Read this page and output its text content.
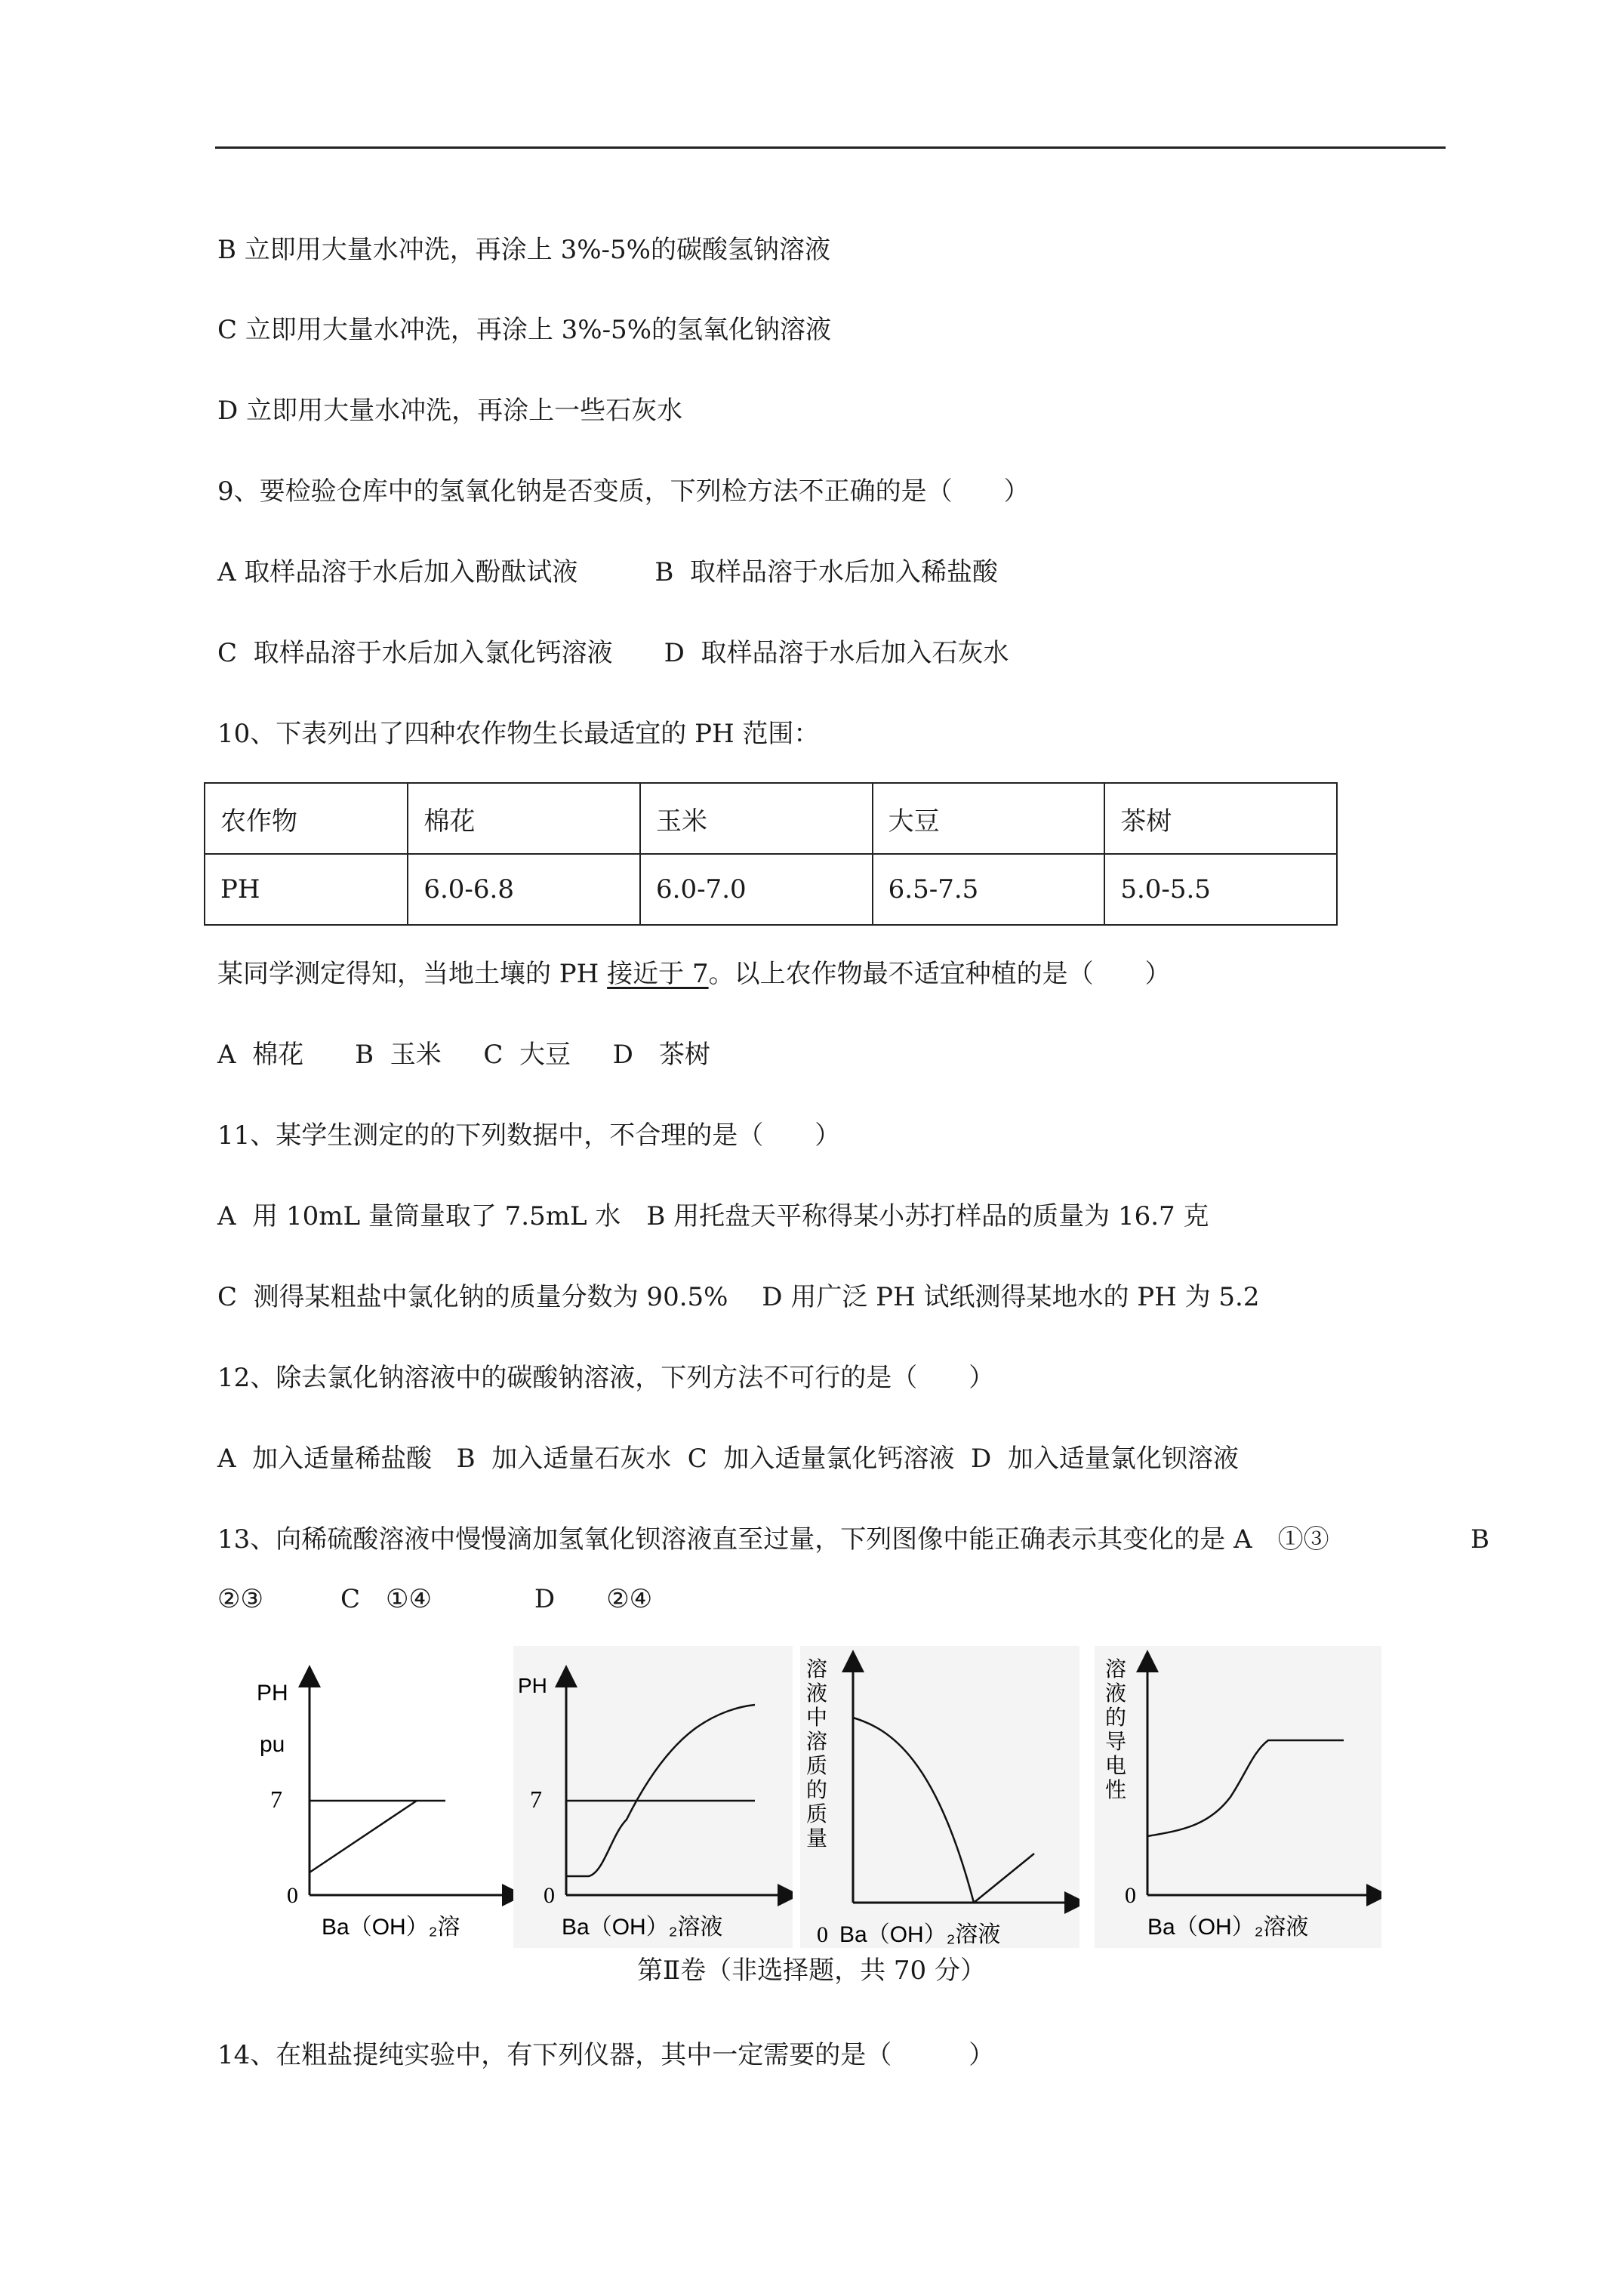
B 立即用大量水冲洗，再涂上 3%-5%的碳酸氢钠溶液
C 立即用大量水冲洗，再涂上 3%-5%的氢氧化钠溶液
D 立即用大量水冲洗，再涂上一些石灰水
9、要检验仓库中的氢氧化钠是否变质，下列检方法不正确的是（　　）
A 取样品溶于水后加入酚酞试液　　　B  取样品溶于水后加入稀盐酸
C  取样品溶于水后加入氯化钙溶液　　D  取样品溶于水后加入石灰水
10、下表列出了四种农作物生长最适宜的 PH 范围：
农作物	棉花	玉米	大豆	茶树
PH	6.0-6.8	6.0-7.0	6.5-7.5	5.0-5.5
某同学测定得知，当地土壤的 PH 接近于 7。以上农作物最不适宜种植的是（　　）
A  棉花　　B  玉米　  C  大豆　  D　茶树
11、某学生测定的的下列数据中，不合理的是（　　）
A  用 10mL 量筒量取了 7.5mL 水　B 用托盘天平称得某小苏打样品的质量为 16.7 克
C  测得某粗盐中氯化钠的质量分数为 90.5%　 D 用广泛 PH 试纸测得某地水的 PH 为 5.2
12、除去氯化钠溶液中的碳酸钠溶液，下列方法不可行的是（　　）
A  加入适量稀盐酸   B  加入适量石灰水  C  加入适量氯化钙溶液  D  加入适量氯化钡溶液
13、向稀硫酸溶液中慢慢滴加氢氧化钡溶液直至过量，下列图像中能正确表示其变化的是 A　①③	B
②③　　　C　①④　　　　D　　②④
PH
pu
7
0
Ba（OH）₂溶
PH
7
0
Ba（OH）₂溶液
溶液中溶质的质量
0 Ba（OH）₂溶液
溶液的导电性
0
Ba（OH）₂溶液
第Ⅱ卷（非选择题，共 70 分）
14、在粗盐提纯实验中，有下列仪器，其中一定需要的是（　　　）
